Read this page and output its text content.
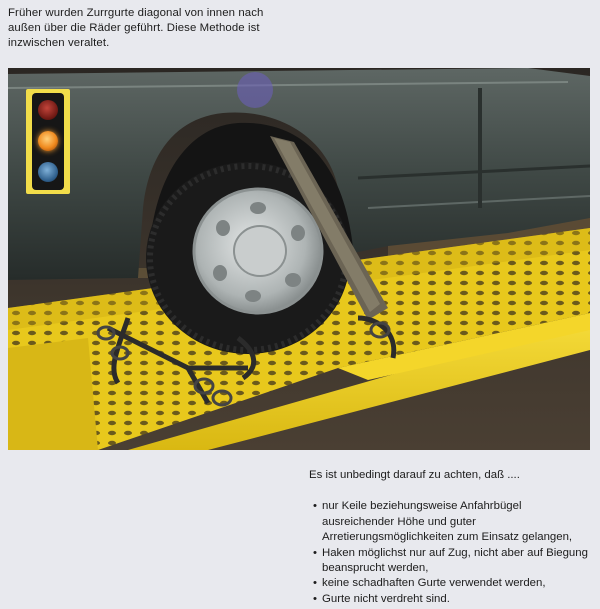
Früher wurden Zurrgurte diagonal von innen nach außen über die Räder geführt. Diese Methode ist inzwischen veraltet.

Es ist unbedingt darauf zu achten, daß ....

• nur Keile beziehungsweise Anfahrbügel ausreichender Höhe und guter Arretierungsmöglichkeiten zum Einsatz gelangen,
• Haken möglichst nur auf Zug, nicht aber auf Biegung beansprucht werden,
• keine schadhaften Gurte verwendet werden,
• Gurte nicht verdreht sind.
